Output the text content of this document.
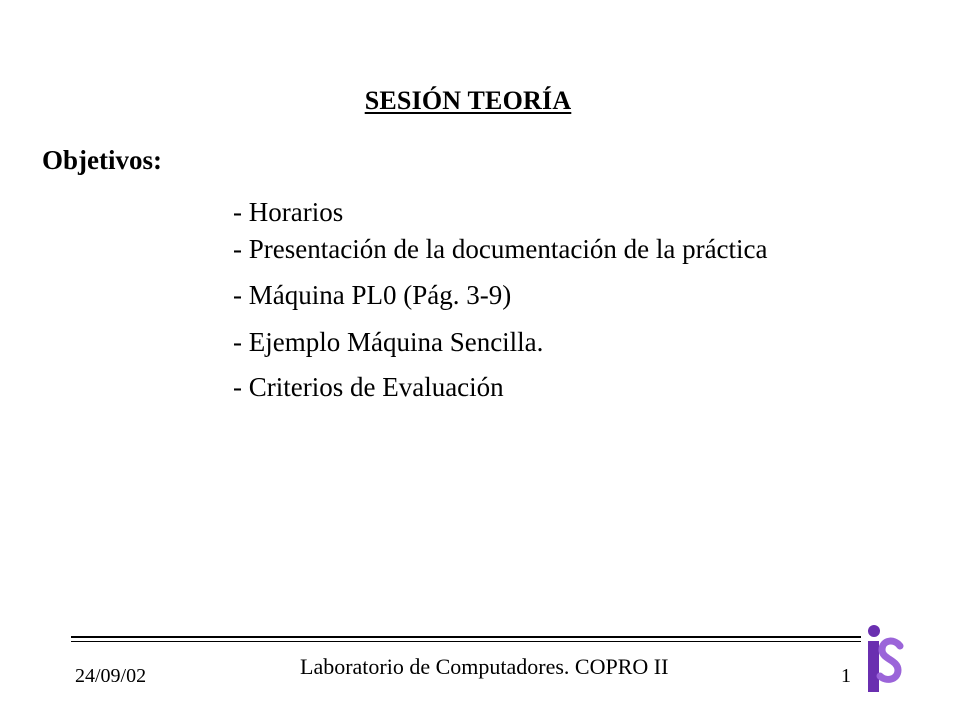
SESIÓN TEORÍA
Objetivos:
- Horarios
- Presentación de la documentación de la práctica
- Máquina PL0 (Pág. 3-9)
- Ejemplo Máquina Sencilla.
- Criterios de Evaluación
24/09/02	Laboratorio de Computadores. COPRO II	1
